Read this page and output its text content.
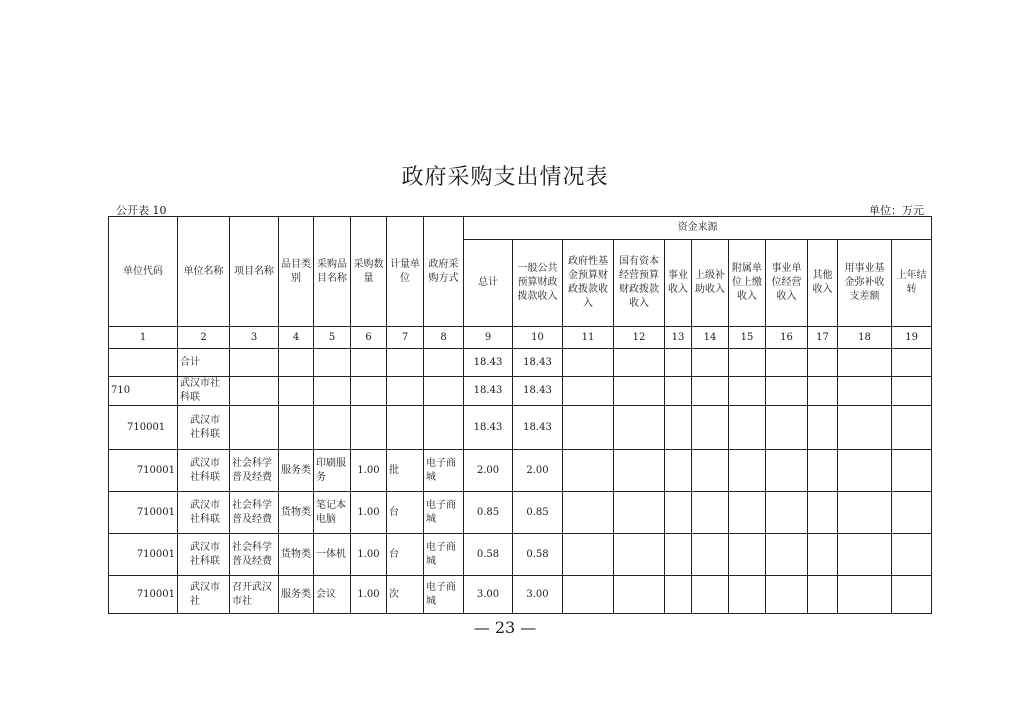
政府采购支出情况表
公开表 10	单位：万元
单位代码	单位名称	项目名称	品目类别	采购品目名称	采购数量	计量单位	政府采购方式	资金来源										
								总计	一般公共预算财政拨款收入	政府性基金预算财政拨款收入	国有资本经营预算财政拨款收入	事业收入	上级补助收入	附属单位上缴收入	事业单位经营收入	其他收入	用事业基金弥补收支差额	上年结转
1	2	3	4	5	6	7	8	9	10	11	12	13	14	15	16	17	18	19
	合计							18.43	18.43									
710	武汉市社科联							18.43	18.43									
710001	武汉市社科联							18.43	18.43									
710001	武汉市社科联	社会科学普及经费	服务类	印刷服务	1.00	批	电子商城	2.00	2.00									
710001	武汉市社科联	社会科学普及经费	货物类	笔记本电脑	1.00	台	电子商城	0.85	0.85									
710001	武汉市社科联	社会科学普及经费	货物类	一体机	1.00	台	电子商城	0.58	0.58									
710001	武汉市社	召开武汉市社	服务类	会议	1.00	次	电子商城	3.00	3.00									
— 23 —
